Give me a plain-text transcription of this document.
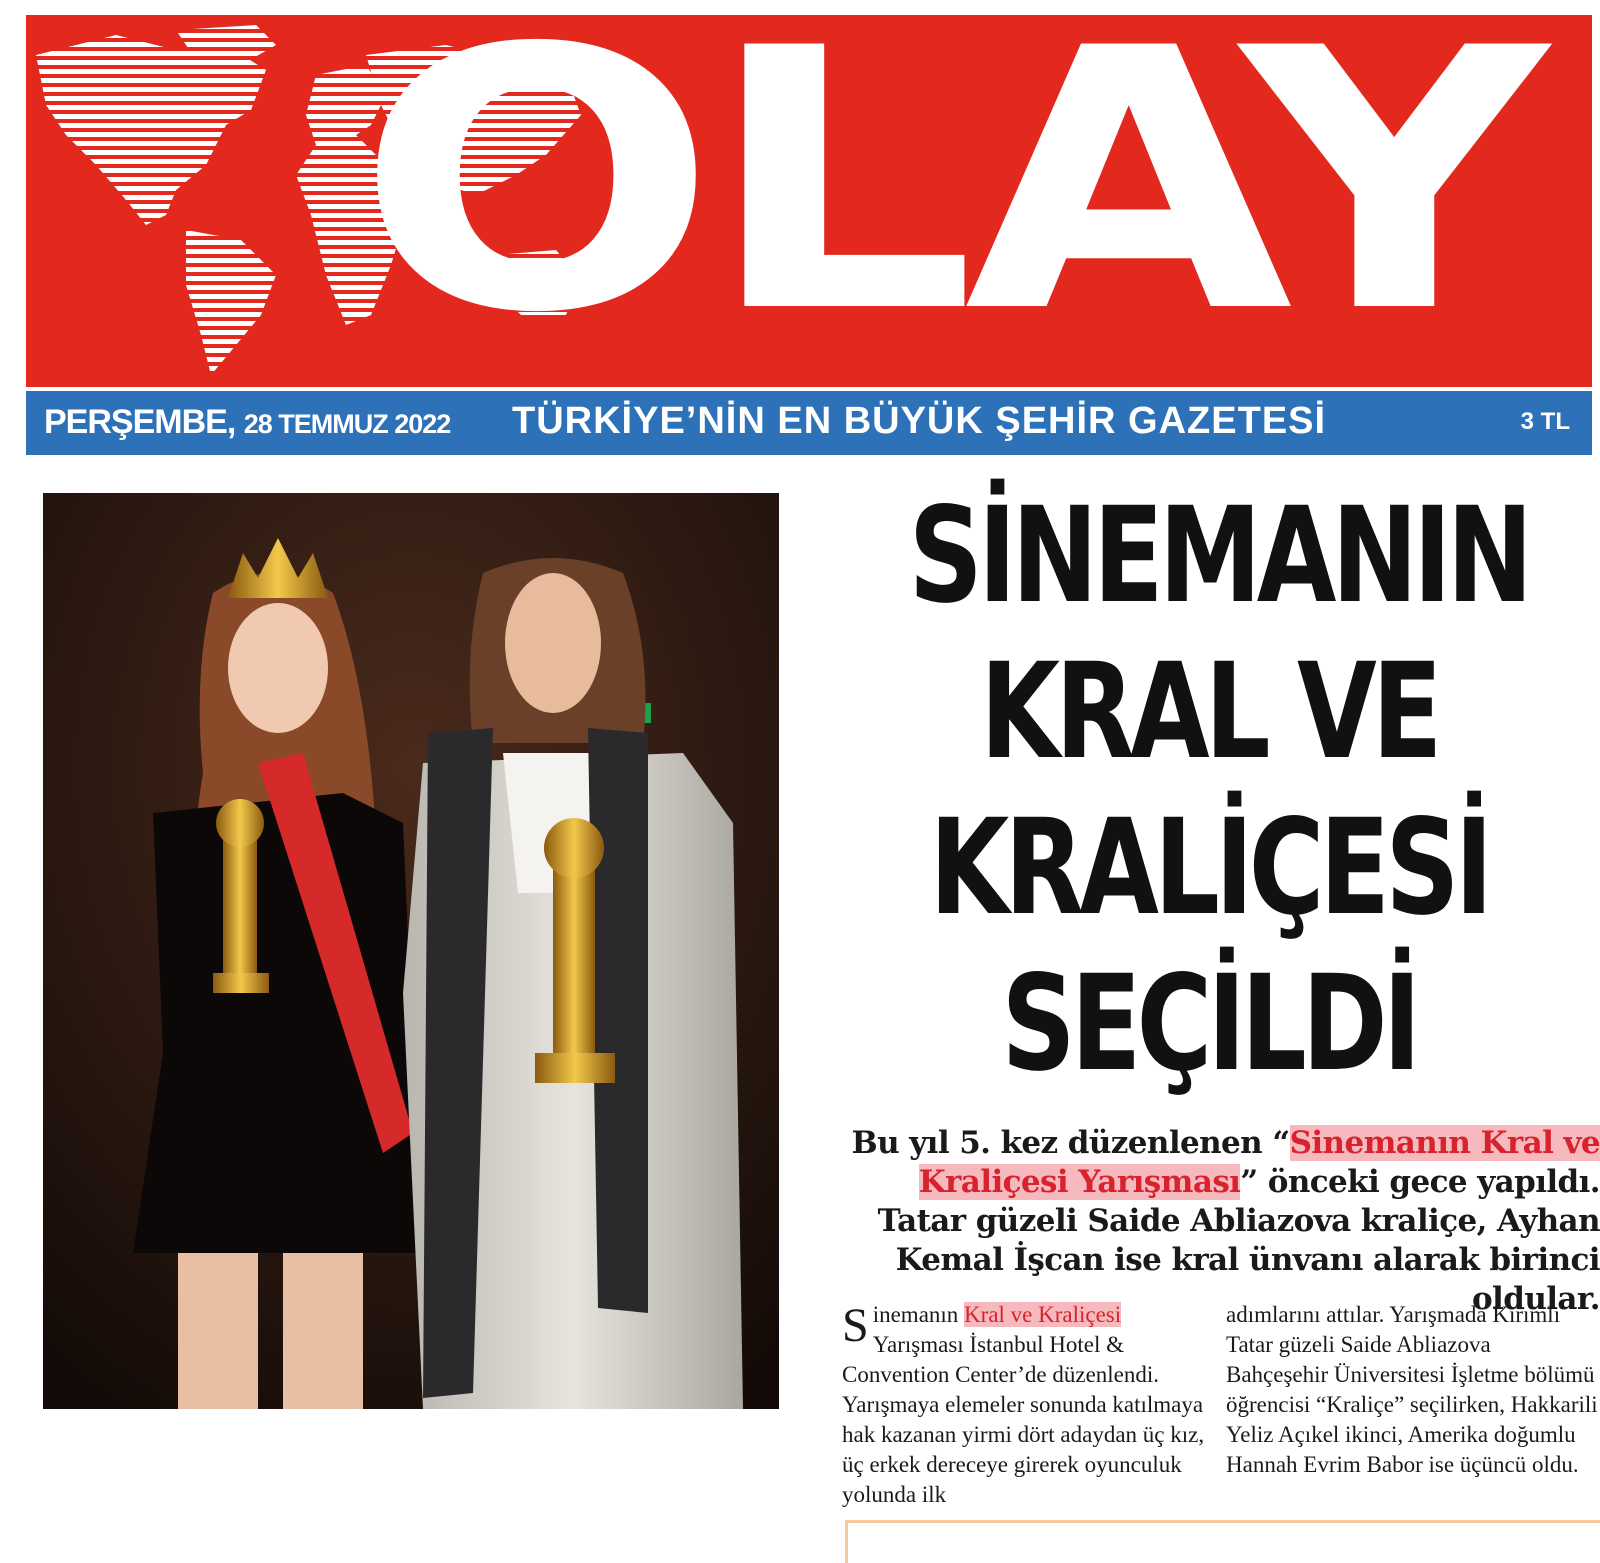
OLAY
PERŞEMBE, 28 TEMMUZ 2022 TÜRKİYE’NİN EN BÜYÜK ŞEHİR GAZETESİ	3 TL
SİNEMANIN
KRAL VE
KRALİÇESİ
SEÇİLDİ
Bu yıl 5. kez düzenlenen “Sinemanın Kral ve Kraliçesi Yarışması” önceki gece yapıldı. Tatar güzeli Saide Abliazova kraliçe, Ayhan Kemal İşcan ise kral ünvanı alarak birinci oldular.
Sinemanın Kral ve Kraliçesi Yarışması İstanbul Hotel & Convention Center’de düzenlendi. Yarışmaya elemeler sonunda katılmaya hak kazanan yirmi dört adaydan üç kız, üç erkek dereceye girerek oyunculuk yolunda ilk
adımlarını attılar. Yarışmada Kırımlı Tatar güzeli Saide Abliazova Bahçeşehir Üniversitesi İşletme bölümü öğrencisi “Kraliçe” seçilirken, Hakkarili Yeliz Açıkel ikinci, Amerika doğumlu Hannah Evrim Babor ise üçüncü oldu.
